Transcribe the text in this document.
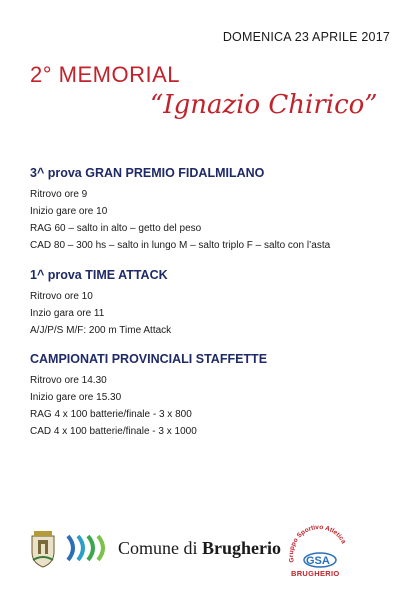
DOMENICA 23 APRILE 2017
2° MEMORIAL
“Ignazio Chirico”
3^ prova GRAN PREMIO FIDALMILANO
Ritrovo ore 9
Inizio gare ore 10
RAG 60 – salto in alto – getto del peso
CAD 80 – 300 hs – salto in lungo M – salto triplo F – salto con l’asta
1^ prova TIME ATTACK
Ritrovo ore 10
Inzio gara ore 11
A/J/P/S M/F: 200 m Time Attack
CAMPIONATI PROVINCIALI STAFFETTE
Ritrovo ore 14.30
Inizio gare ore 15.30
RAG 4 x 100 batterie/finale - 3 x 800
CAD 4 x 100 batterie/finale - 3 x 1000
Comune di Brugherio
Gruppo Sportivo Atletica
GSA
BRUGHERIO
